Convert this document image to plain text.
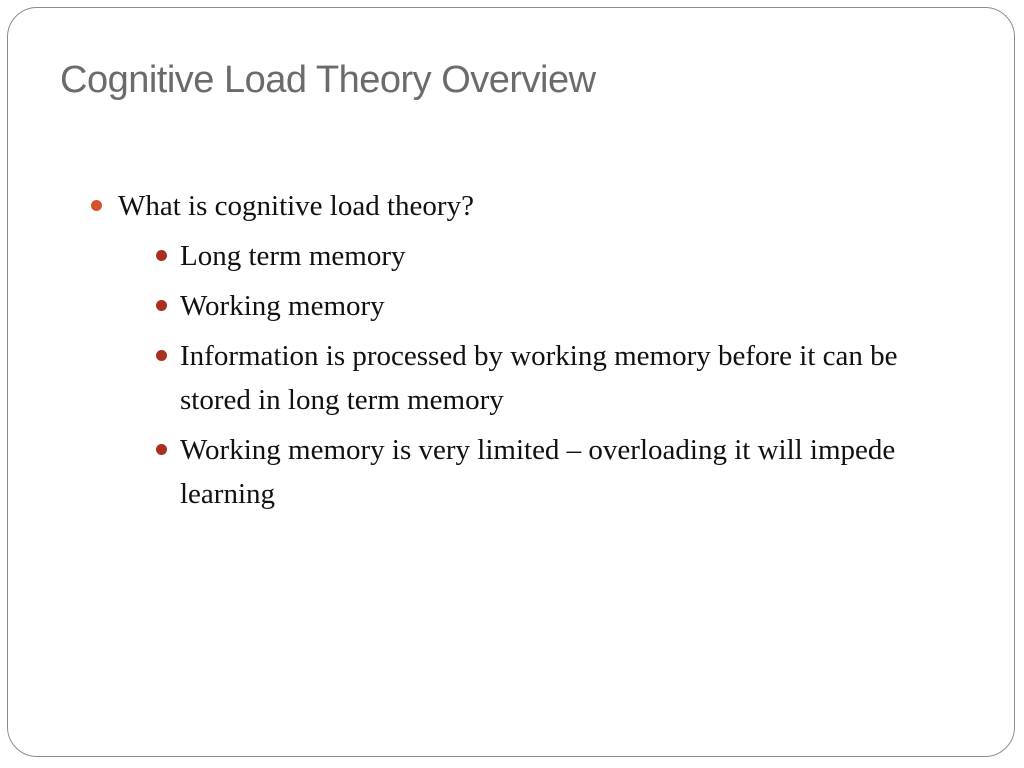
Cognitive Load Theory Overview
What is cognitive load theory?
Long term memory
Working memory
Information is processed by working memory before it can be stored in long term memory
Working memory is very limited – overloading it will impede learning
